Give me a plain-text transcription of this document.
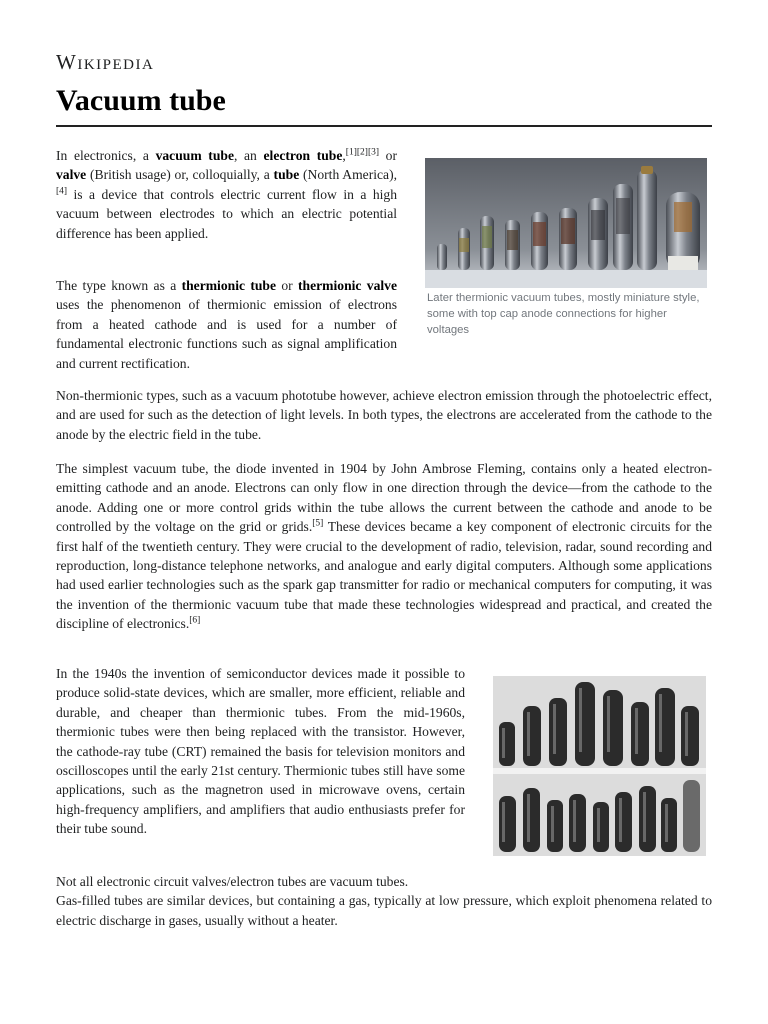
Wikipedia
Vacuum tube

In electronics, a vacuum tube, an electron tube,[1][2][3] or valve (British usage) or, colloquially, a tube (North America),[4] is a device that controls electric current flow in a high vacuum between electrodes to which an electric potential difference has been applied.

Later thermionic vacuum tubes, mostly miniature style, some with top cap anode connections for higher voltages

The type known as a thermionic tube or thermionic valve uses the phenomenon of thermionic emission of electrons from a heated cathode and is used for a number of fundamental electronic functions such as signal amplification and current rectification.

Non-thermionic types, such as a vacuum phototube however, achieve electron emission through the photoelectric effect, and are used for such as the detection of light levels. In both types, the electrons are accelerated from the cathode to the anode by the electric field in the tube.

The simplest vacuum tube, the diode invented in 1904 by John Ambrose Fleming, contains only a heated electron-emitting cathode and an anode. Electrons can only flow in one direction through the device—from the cathode to the anode. Adding one or more control grids within the tube allows the current between the cathode and anode to be controlled by the voltage on the grid or grids.[5] These devices became a key component of electronic circuits for the first half of the twentieth century. They were crucial to the development of radio, television, radar, sound recording and reproduction, long-distance telephone networks, and analogue and early digital computers. Although some applications had used earlier technologies such as the spark gap transmitter for radio or mechanical computers for computing, it was the invention of the thermionic vacuum tube that made these technologies widespread and practical, and created the discipline of electronics.[6]

In the 1940s the invention of semiconductor devices made it possible to produce solid-state devices, which are smaller, more efficient, reliable and durable, and cheaper than thermionic tubes. From the mid-1960s, thermionic tubes were then being replaced with the transistor. However, the cathode-ray tube (CRT) remained the basis for television monitors and oscilloscopes until the early 21st century. Thermionic tubes still have some applications, such as the magnetron used in microwave ovens, certain high-frequency amplifiers, and amplifiers that audio enthusiasts prefer for their tube sound.

Not all electronic circuit valves/electron tubes are vacuum tubes.
Gas-filled tubes are similar devices, but containing a gas, typically at low pressure, which exploit phenomena related to electric discharge in gases, usually without a heater.
